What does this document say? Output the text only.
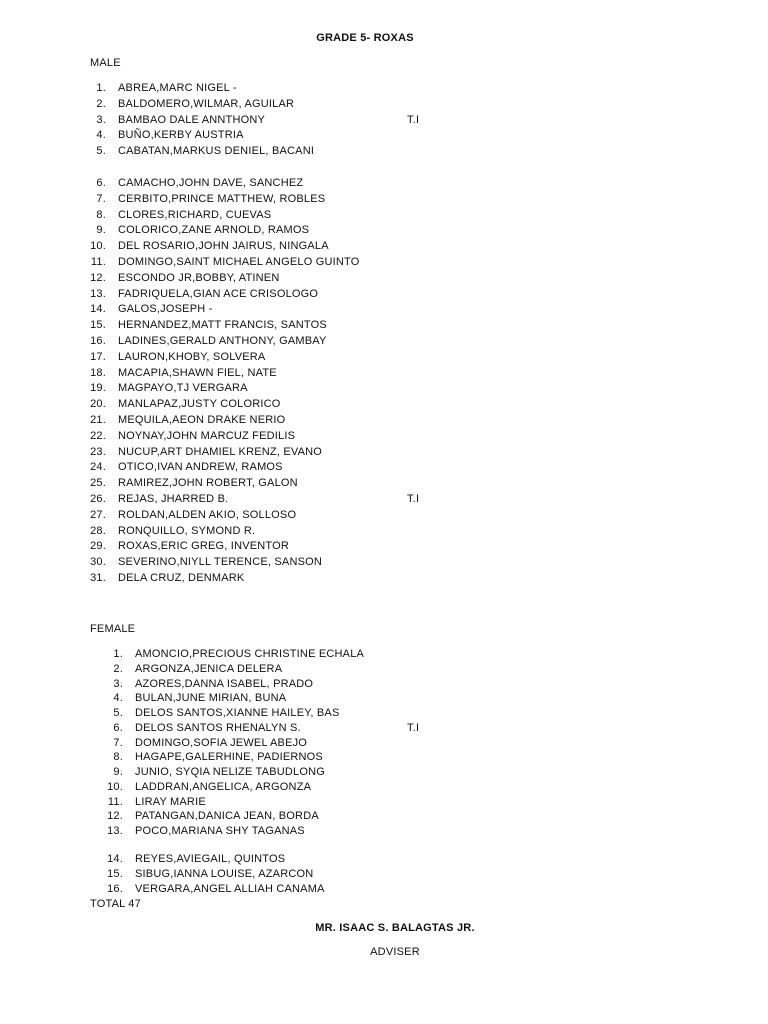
GRADE 5- ROXAS
MALE
1. ABREA,MARC NIGEL -
2. BALDOMERO,WILMAR, AGUILAR
3. BAMBAO DALE ANNTHONY	T.I
4. BUÑO,KERBY AUSTRIA
5. CABATAN,MARKUS DENIEL, BACANI
6. CAMACHO,JOHN DAVE, SANCHEZ
7. CERBITO,PRINCE MATTHEW, ROBLES
8. CLORES,RICHARD, CUEVAS
9. COLORICO,ZANE ARNOLD, RAMOS
10. DEL ROSARIO,JOHN JAIRUS, NINGALA
11. DOMINGO,SAINT MICHAEL ANGELO GUINTO
12. ESCONDO JR,BOBBY, ATINEN
13. FADRIQUELA,GIAN ACE CRISOLOGO
14. GALOS,JOSEPH -
15. HERNANDEZ,MATT FRANCIS, SANTOS
16. LADINES,GERALD ANTHONY, GAMBAY
17. LAURON,KHOBY, SOLVERA
18. MACAPIA,SHAWN FIEL, NATE
19. MAGPAYO,TJ VERGARA
20. MANLAPAZ,JUSTY COLORICO
21. MEQUILA,AEON DRAKE NERIO
22. NOYNAY,JOHN MARCUZ FEDILIS
23. NUCUP,ART DHAMIEL KRENZ, EVANO
24. OTICO,IVAN ANDREW, RAMOS
25. RAMIREZ,JOHN ROBERT, GALON
26. REJAS, JHARRED B.	T.I
27. ROLDAN,ALDEN AKIO, SOLLOSO
28. RONQUILLO, SYMOND R.
29. ROXAS,ERIC GREG, INVENTOR
30. SEVERINO,NIYLL TERENCE, SANSON
31. DELA CRUZ, DENMARK
FEMALE
1. AMONCIO,PRECIOUS CHRISTINE ECHALA
2. ARGONZA,JENICA DELERA
3. AZORES,DANNA ISABEL, PRADO
4. BULAN,JUNE MIRIAN, BUNA
5. DELOS SANTOS,XIANNE HAILEY, BAS
6. DELOS SANTOS RHENALYN S.	T.I
7. DOMINGO,SOFIA JEWEL ABEJO
8. HAGAPE,GALERHINE, PADIERNOS
9. JUNIO, SYQIA NELIZE TABUDLONG
10. LADDRAN,ANGELICA, ARGONZA
11. LIRAY MARIE
12. PATANGAN,DANICA JEAN, BORDA
13. POCO,MARIANA SHY TAGANAS
14. REYES,AVIEGAIL, QUINTOS
15. SIBUG,IANNA LOUISE, AZARCON
16. VERGARA,ANGEL ALLIAH CANAMA
TOTAL 47
MR. ISAAC S. BALAGTAS JR.
ADVISER
